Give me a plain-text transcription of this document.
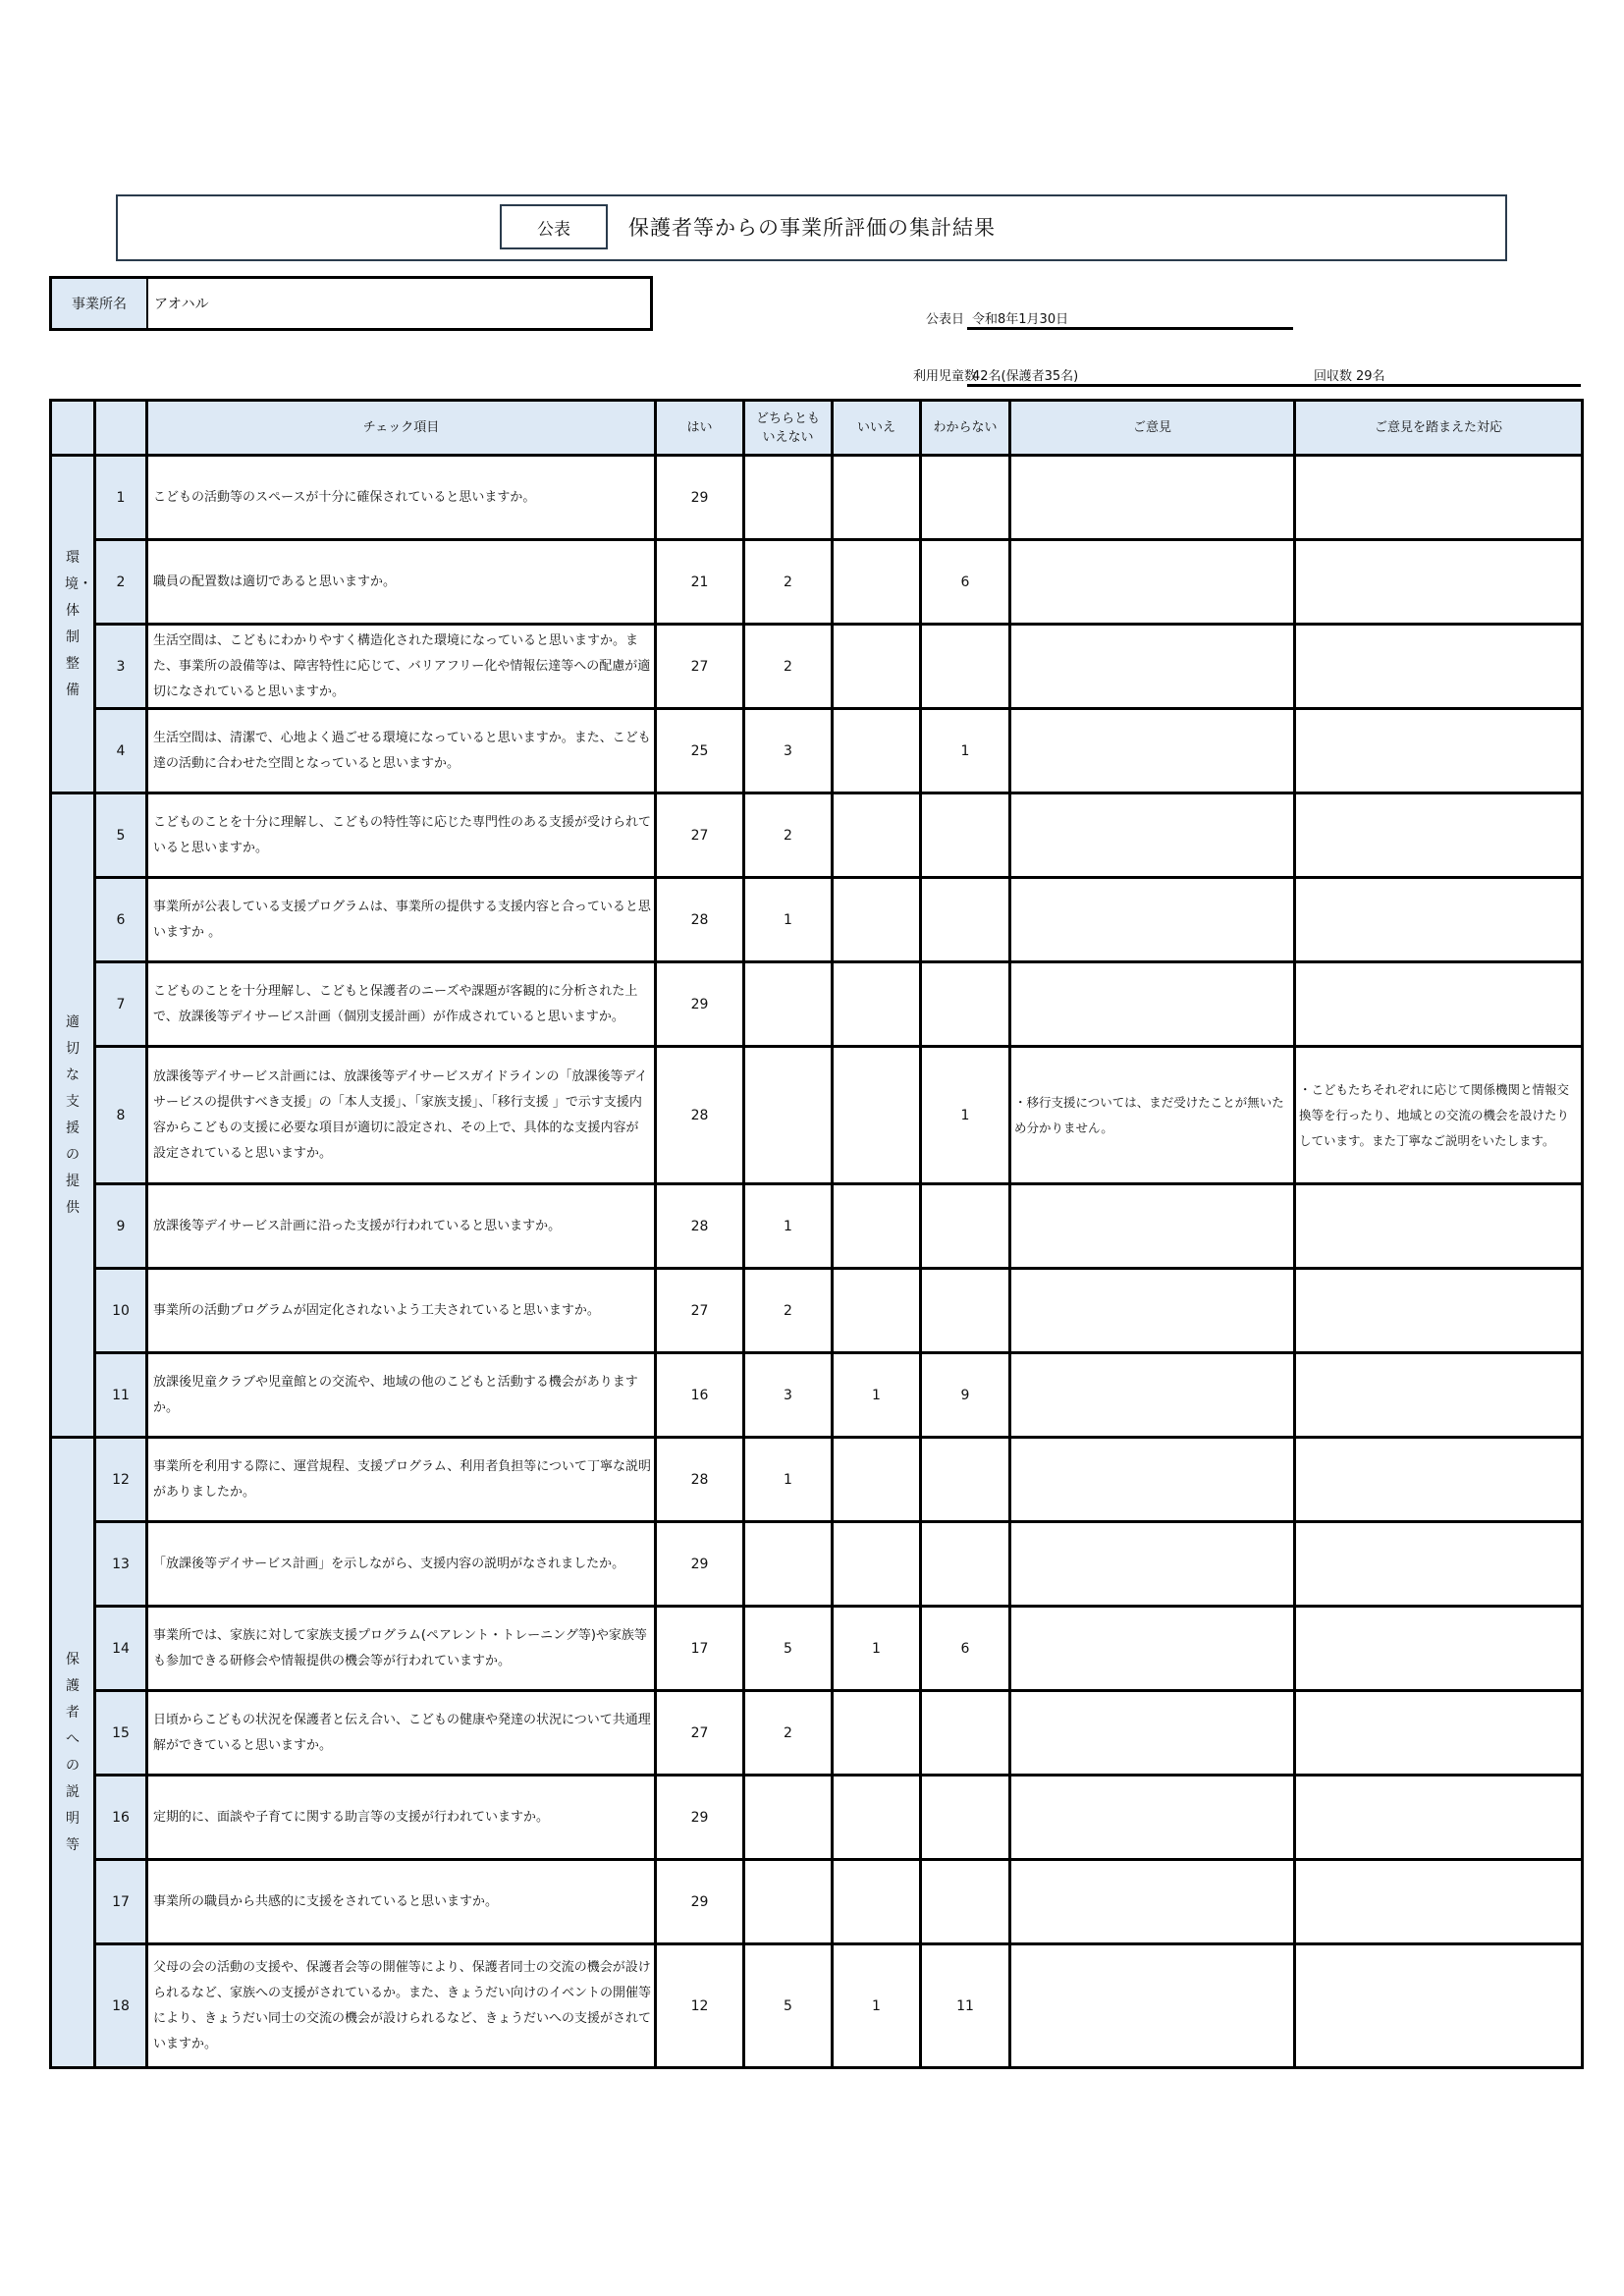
公表	保護者等からの事業所評価の集計結果
事業所名	アオハル
公表日 令和8年1月30日
利用児童数
42名(保護者35名)	回収数 29名
		チェック項目	はい	どちらとも
いえない	いいえ	わからない	ご意見	ご意見を踏まえた対応

環境・体制整備	1	こどもの活動等のスペースが十分に確保されていると思いますか。	29					
	2	職員の配置数は適切であると思いますか。	21	2		6		
	3	生活空間は、こどもにわかりやすく構造化された環境になっていると思いますか。また、事業所の設備等は、障害特性に応じて、バリアフリー化や情報伝達等への配慮が適切になされていると思いますか。	27	2				
	4	生活空間は、清潔で、心地よく過ごせる環境になっていると思いますか。また、こども達の活動に合わせた空間となっていると思いますか。	25	3		1		

適切な支援の提供	5	こどものことを十分に理解し、こどもの特性等に応じた専門性のある支援が受けられていると思いますか。	27	2				
	6	事業所が公表している支援プログラムは、事業所の提供する支援内容と合っていると思いますか 。	28	1				
	7	こどものことを十分理解し、こどもと保護者のニーズや課題が客観的に分析された上で、放課後等デイサービス計画（個別支援計画）が作成されていると思いますか。	29					
	8	放課後等デイサービス計画には、放課後等デイサービスガイドラインの「放課後等デイサービスの提供すべき支援」の「本人支援」、「家族支援」、「移行支援 」で示す支援内容からこどもの支援に必要な項目が適切に設定され、その上で、具体的な支援内容が設定されていると思いますか。	28			1	・移行支援については、まだ受けたことが無いため分かりません。	・こどもたちそれぞれに応じて関係機関と情報交換等を行ったり、地域との交流の機会を設けたりしています。また丁寧なご説明をいたします。
	9	放課後等デイサービス計画に沿った支援が行われていると思いますか。	28	1				
	10	事業所の活動プログラムが固定化されないよう工夫されていると思いますか。	27	2				
	11	放課後児童クラブや児童館との交流や、地域の他のこどもと活動する機会がありますか。	16	3	1	9		

保護者への説明等	12	事業所を利用する際に、運営規程、支援プログラム、利用者負担等について丁寧な説明がありましたか。	28	1				
	13	「放課後等デイサービス計画」を示しながら、支援内容の説明がなされましたか。	29					
	14	事業所では、家族に対して家族支援プログラム(ペアレント・トレーニング等)や家族等も参加できる研修会や情報提供の機会等が行われていますか。	17	5	1	6		
	15	日頃からこどもの状況を保護者と伝え合い、こどもの健康や発達の状況について共通理解ができていると思いますか。	27	2				
	16	定期的に、面談や子育てに関する助言等の支援が行われていますか。	29					
	17	事業所の職員から共感的に支援をされていると思いますか。	29					
	18	父母の会の活動の支援や、保護者会等の開催等により、保護者同士の交流の機会が設けられるなど、家族への支援がされているか。また、きょうだい向けのイベントの開催等により、きょうだい同士の交流の機会が設けられるなど、きょうだいへの支援がされていますか。	12	5	1	11		
